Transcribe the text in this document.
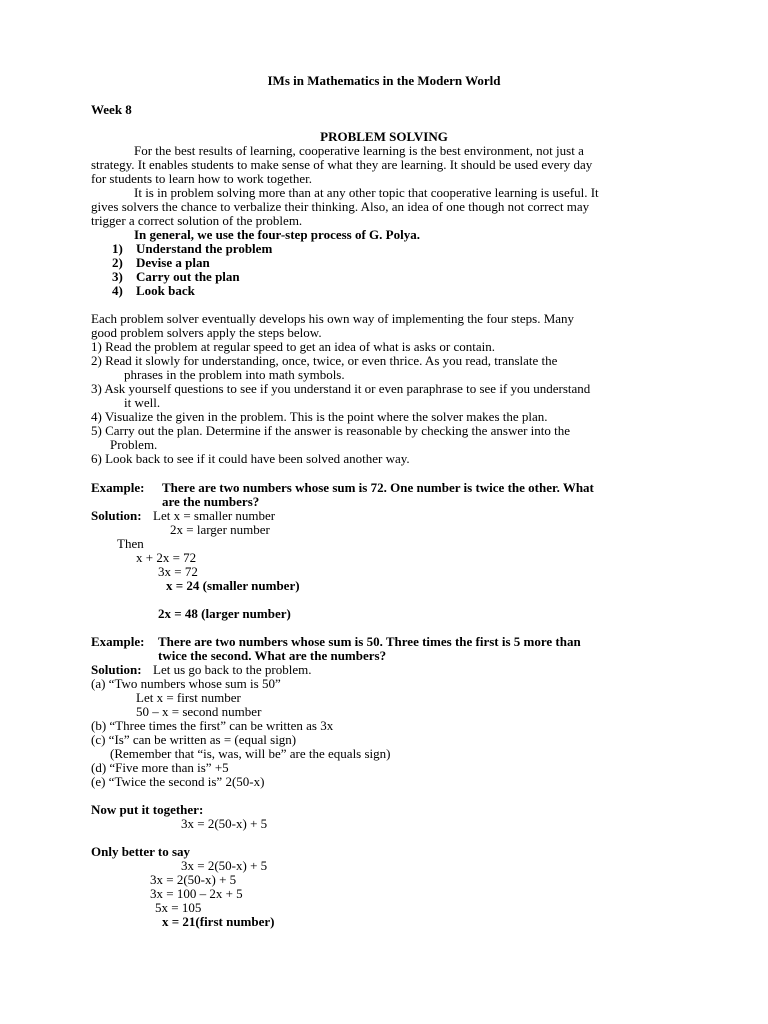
IMs in Mathematics in the Modern World
Week 8
PROBLEM SOLVING
For the best results of learning, cooperative learning is the best environment, not just a
strategy. It enables students to make sense of what they are learning. It should be used every day
for students to learn how to work together.
It is in problem solving more than at any other topic that cooperative learning is useful. It
gives solvers the chance to verbalize their thinking. Also, an idea of one though not correct may
trigger a correct solution of the problem.
In general, we use the four-step process of G. Polya.
1) Understand the problem
2) Devise a plan
3) Carry out the plan
4) Look back
Each problem solver eventually develops his own way of implementing the four steps. Many
good problem solvers apply the steps below.
1) Read the problem at regular speed to get an idea of what is asks or contain.
2) Read it slowly for understanding, once, twice, or even thrice. As you read, translate the
phrases in the problem into math symbols.
3) Ask yourself questions to see if you understand it or even paraphrase to see if you understand
it well.
4) Visualize the given in the problem. This is the point where the solver makes the plan.
5) Carry out the plan. Determine if the answer is reasonable by checking the answer into the
Problem.
6) Look back to see if it could have been solved another way.
Example: There are two numbers whose sum is 72. One number is twice the other. What
are the numbers?
Solution: Let x = smaller number
2x = larger number
Then
x + 2x = 72
3x = 72
x = 24 (smaller number)
2x = 48 (larger number)
Example: There are two numbers whose sum is 50. Three times the first is 5 more than
twice the second. What are the numbers?
Solution: Let us go back to the problem.
(a) “Two numbers whose sum is 50”
Let x = first number
50 – x = second number
(b) “Three times the first” can be written as 3x
(c) “Is” can be written as = (equal sign)
(Remember that “is, was, will be” are the equals sign)
(d) “Five more than is” +5
(e) “Twice the second is” 2(50-x)
Now put it together:
3x = 2(50-x) + 5
Only better to say
3x = 2(50-x) + 5
3x = 2(50-x) + 5
3x = 100 – 2x + 5
5x = 105
x = 21(first number)
